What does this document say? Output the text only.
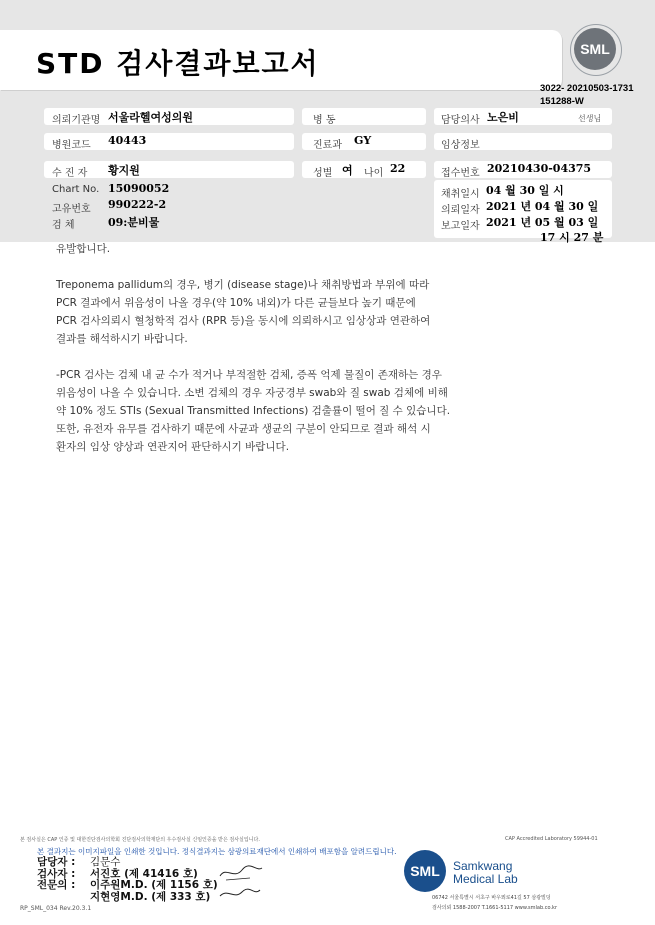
STD 검사결과보고서	SML
3022- 20210503-1731
151288-W
의뢰기관명 서울라헬여성의원	병 동	담당의사 노은비	선생님
병원코드 40443	진료과 GY	임상정보
수 진 자 황지원	성별 여 나이 22	접수번호 20210430-04375
Chart No. 15090052
고유번호 990222-2
검 체	09:분비물
채취일시 04 월 30 일 시
의뢰일자 2021 년 04 월 30 일
보고일자 2021 년 05 월 03 일
17 시 27 분

유발합니다.

Treponema pallidum의 경우, 병기 (disease stage)나 채취방법과 부위에 따라

PCR 결과에서 위음성이 나올 경우(약 10% 내외)가 다른 균들보다 높기 때문에

PCR 검사의뢰시 혈청학적 검사 (RPR 등)을 동시에 의뢰하시고 임상상과 연관하여

결과를 해석하시기 바랍니다.

-PCR 검사는 검체 내 균 수가 적거나 부적절한 검체, 증폭 억제 물질이 존재하는 경우

위음성이 나올 수 있습니다. 소변 검체의 경우 자궁경부 swab와 질 swab 검체에 비해

약 10% 정도 STIs (Sexual Transmitted Infections) 검출률이 떨어 질 수 있습니다.

또한, 유전자 유무를 검사하기 때문에 사균과 생균의 구분이 안되므로 결과 해석 시

환자의 임상 양상과 연관지어 판단하시기 바랍니다.

본 검사실은 CAP 인증 및 대한진단검사의학회 진단검사의학재단의 우수검사실 신임인증을 받은 검사실입니다.	CAP Accredited Laboratory 59944-01
본 결과지는 이미지파일을 인쇄한 것입니다. 정식결과지는 삼광의료재단에서 인쇄하여 배포함을 알려드립니다.
담당자 : 김문수
검사자 : 서진호 (제 41416 호)
전문의 : 이주원M.D. (제 1156 호)
지현영M.D. (제 333 호)
RP_SML_034 Rev.20.3.1
SML	Samkwang
Medical Lab
06742 서울특별시 서초구 바우뫼로41길 57 삼광빌딩
검사의뢰 1588-2007 T.1661-5117 www.smlab.co.kr
